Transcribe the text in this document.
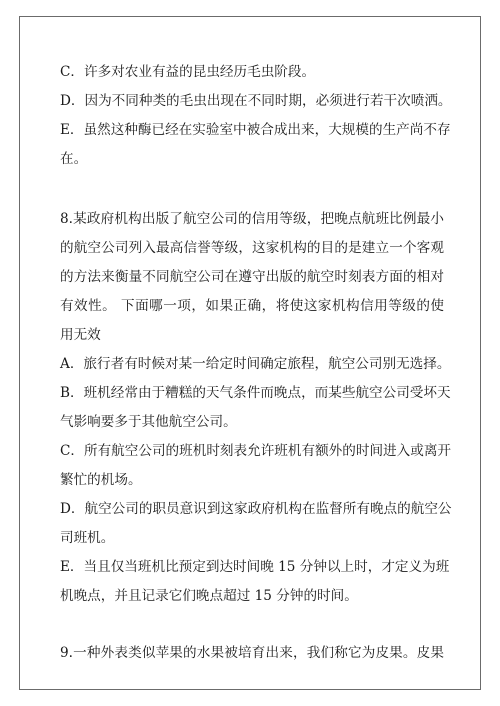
C．许多对农业有益的昆虫经历毛虫阶段。
D．因为不同种类的毛虫出现在不同时期，必须进行若干次喷洒。
E．虽然这种酶已经在实验室中被合成出来，大规模的生产尚不存
在。
8.某政府机构出版了航空公司的信用等级，把晚点航班比例最小
的航空公司列入最高信誉等级，这家机构的目的是建立一个客观
的方法来衡量不同航空公司在遵守出版的航空时刻表方面的相对
有效性。 下面哪一项，如果正确，将使这家机构信用等级的使
用无效
A．旅行者有时候对某一给定时间确定旅程，航空公司别无选择。
B．班机经常由于糟糕的天气条件而晚点，而某些航空公司受坏天
气影响要多于其他航空公司。
C．所有航空公司的班机时刻表允许班机有额外的时间进入或离开
繁忙的机场。
D．航空公司的职员意识到这家政府机构在监督所有晚点的航空公
司班机。
E．当且仅当班机比预定到达时间晚 15 分钟以上时，才定义为班
机晚点，并且记录它们晚点超过 15 分钟的时间。
9.一种外表类似苹果的水果被培育出来，我们称它为皮果。皮果
